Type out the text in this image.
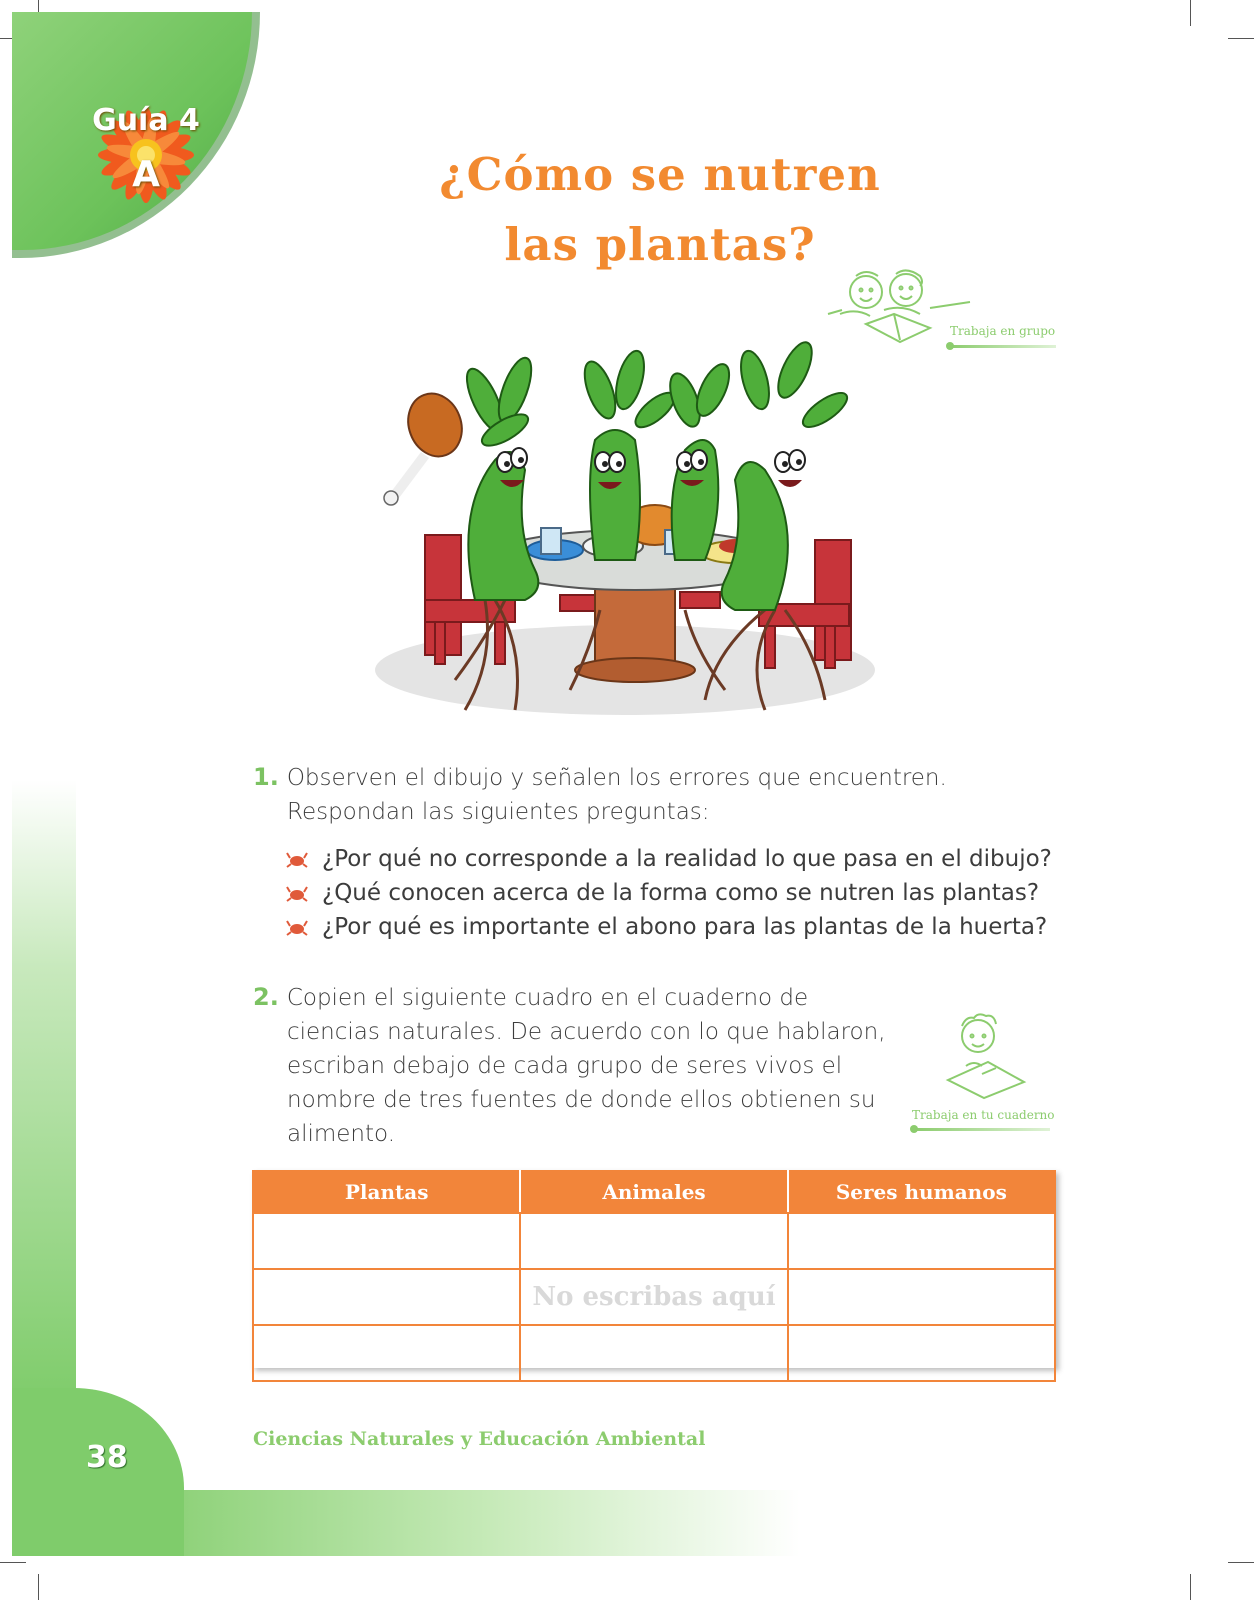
Guía 4
A	¿Cómo se nutren
las plantas?
Trabaja en grupo
1. Observen el dibujo y señalen los errores que encuentren.
Respondan las siguientes preguntas:
¿Por qué no corresponde a la realidad lo que pasa en el dibujo?
¿Qué conocen acerca de la forma como se nutren las plantas?
¿Por qué es importante el abono para las plantas de la huerta?
2. Copien el siguiente cuadro en el cuaderno de
ciencias naturales. De acuerdo con lo que hablaron,
escriban debajo de cada grupo de seres vivos el
nombre de tres fuentes de donde ellos obtienen su
alimento.
Trabaja en tu cuaderno
Plantas	Animales	Seres humanos

	No escribas aquí	

38
Ciencias Naturales y Educación Ambiental
